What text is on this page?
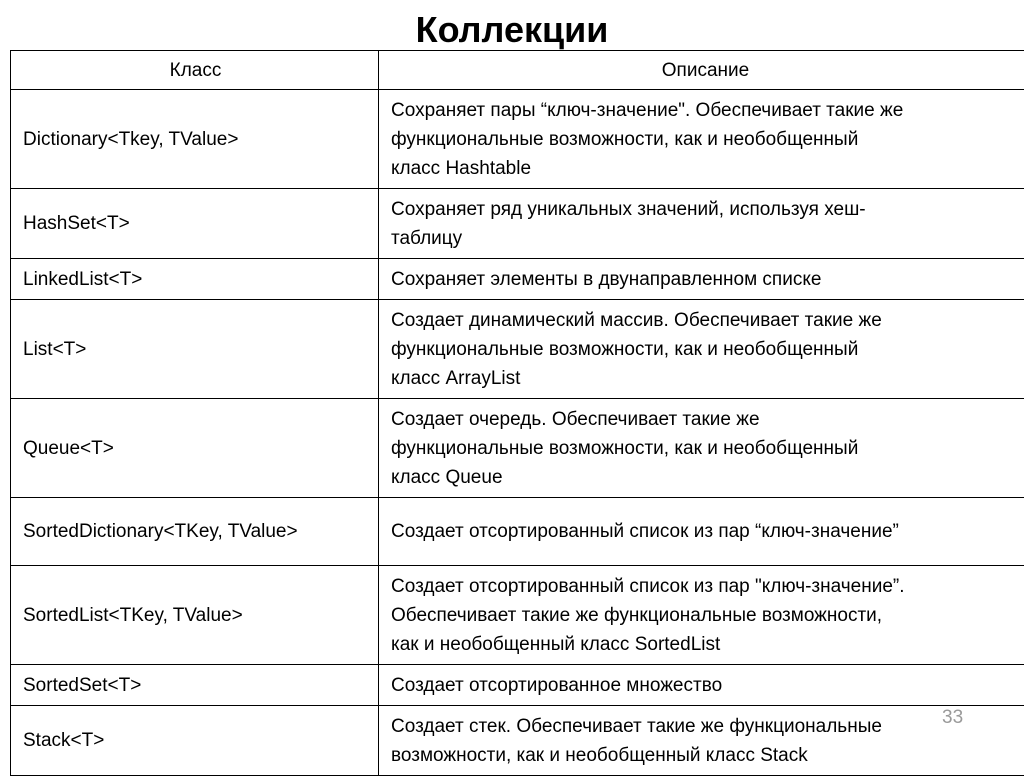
Коллекции
Класс	Описание
Dictionary<Tkey, TValue>	Сохраняет пары “ключ-значение". Обеспечивает такие же
функциональные возможности, как и необобщенный
класс Hashtable
HashSet<T>	Сохраняет ряд уникальных значений, используя хеш-
таблицу
LinkedList<T>	Сохраняет элементы в двунаправленном списке
List<T>	Создает динамический массив. Обеспечивает такие же
функциональные возможности, как и необобщенный
класс ArrayList
Queue<T>	Создает очередь. Обеспечивает такие же
функциональные возможности, как и необобщенный
класс Queue
SortedDictionary<TKey, TValue>	Создает отсортированный список из пар “ключ-значение”
SortedList<TKey, TValue>	Создает отсортированный список из пар "ключ-значение”.
Обеспечивает такие же функциональные возможности,
как и необобщенный класс SortedList
SortedSet<T>	Создает отсортированное множество
Stack<T>	Создает стек. Обеспечивает такие же функциональные
возможности, как и необобщенный класс Stack
33
